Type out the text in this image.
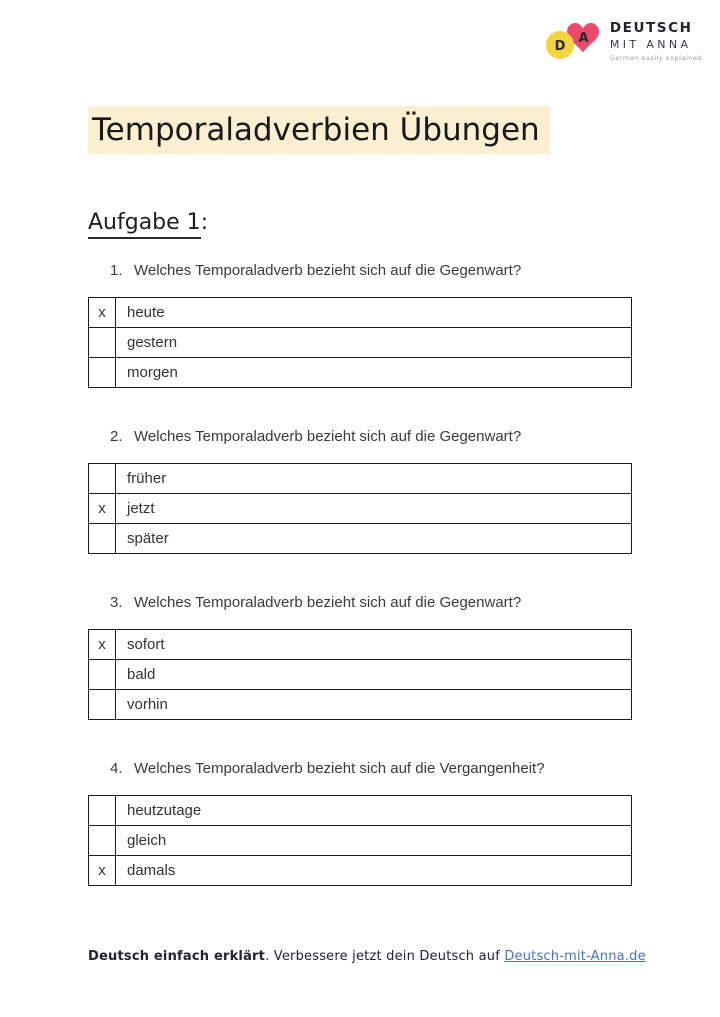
D
A
DEUTSCH
MIT ANNA
German easily explained
Temporaladverbien Übungen
Aufgabe 1:
1. Welches Temporaladverb bezieht sich auf die Gegenwart?
x	heute
	gestern
	morgen
2. Welches Temporaladverb bezieht sich auf die Gegenwart?
	früher
x	jetzt
	später
3. Welches Temporaladverb bezieht sich auf die Gegenwart?
x	sofort
	bald
	vorhin
4. Welches Temporaladverb bezieht sich auf die Vergangenheit?
	heutzutage
	gleich
x	damals
Deutsch einfach erklärt. Verbessere jetzt dein Deutsch auf Deutsch-mit-Anna.de
